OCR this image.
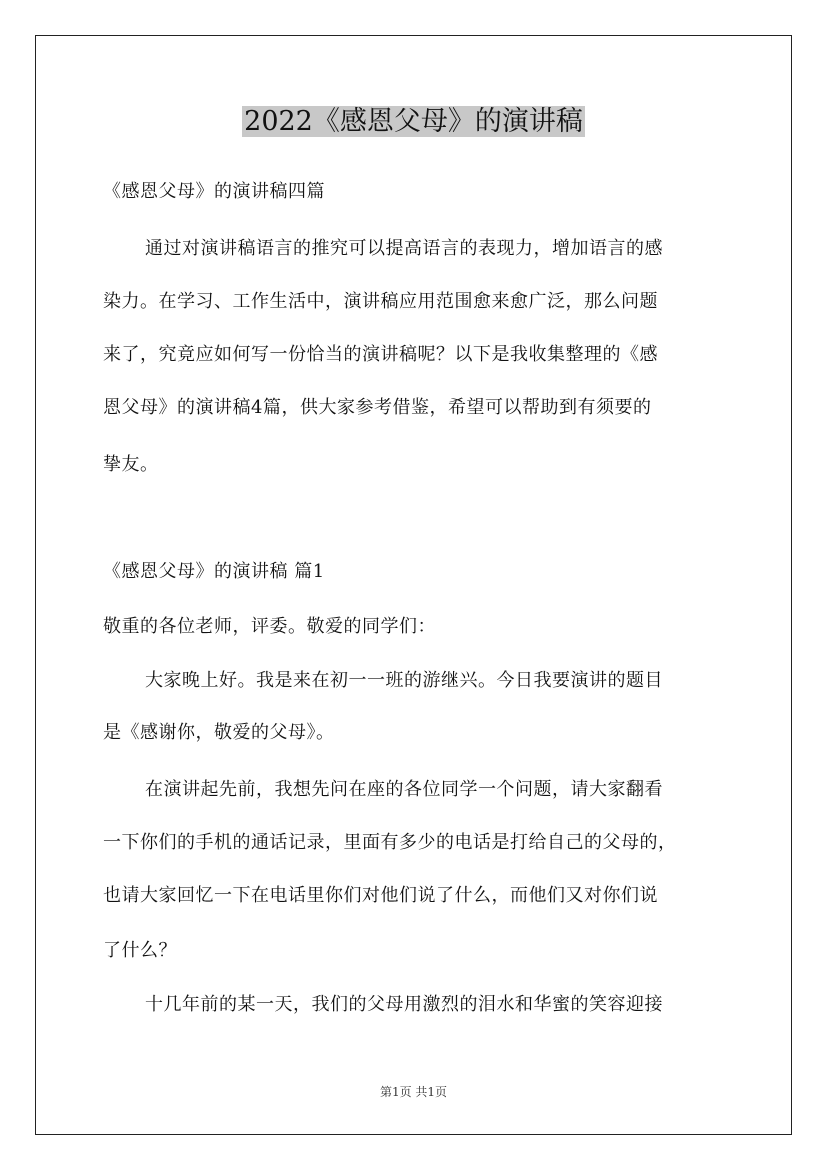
2022《感恩父母》的演讲稿
《感恩父母》的演讲稿四篇
通过对演讲稿语言的推究可以提高语言的表现力，增加语言的感
染力。在学习、工作生活中，演讲稿应用范围愈来愈广泛，那么问题
来了，究竟应如何写一份恰当的演讲稿呢？以下是我收集整理的《感
恩父母》的演讲稿4篇，供大家参考借鉴，希望可以帮助到有须要的
挚友。
《感恩父母》的演讲稿 篇1
敬重的各位老师，评委。敬爱的同学们：
大家晚上好。我是来在初一一班的游继兴。今日我要演讲的题目
是《感谢你，敬爱的父母》。
在演讲起先前，我想先问在座的各位同学一个问题，请大家翻看
一下你们的手机的通话记录，里面有多少的电话是打给自己的父母的，
也请大家回忆一下在电话里你们对他们说了什么，而他们又对你们说
了什么？
十几年前的某一天，我们的父母用激烈的泪水和华蜜的笑容迎接
第1页 共1页
